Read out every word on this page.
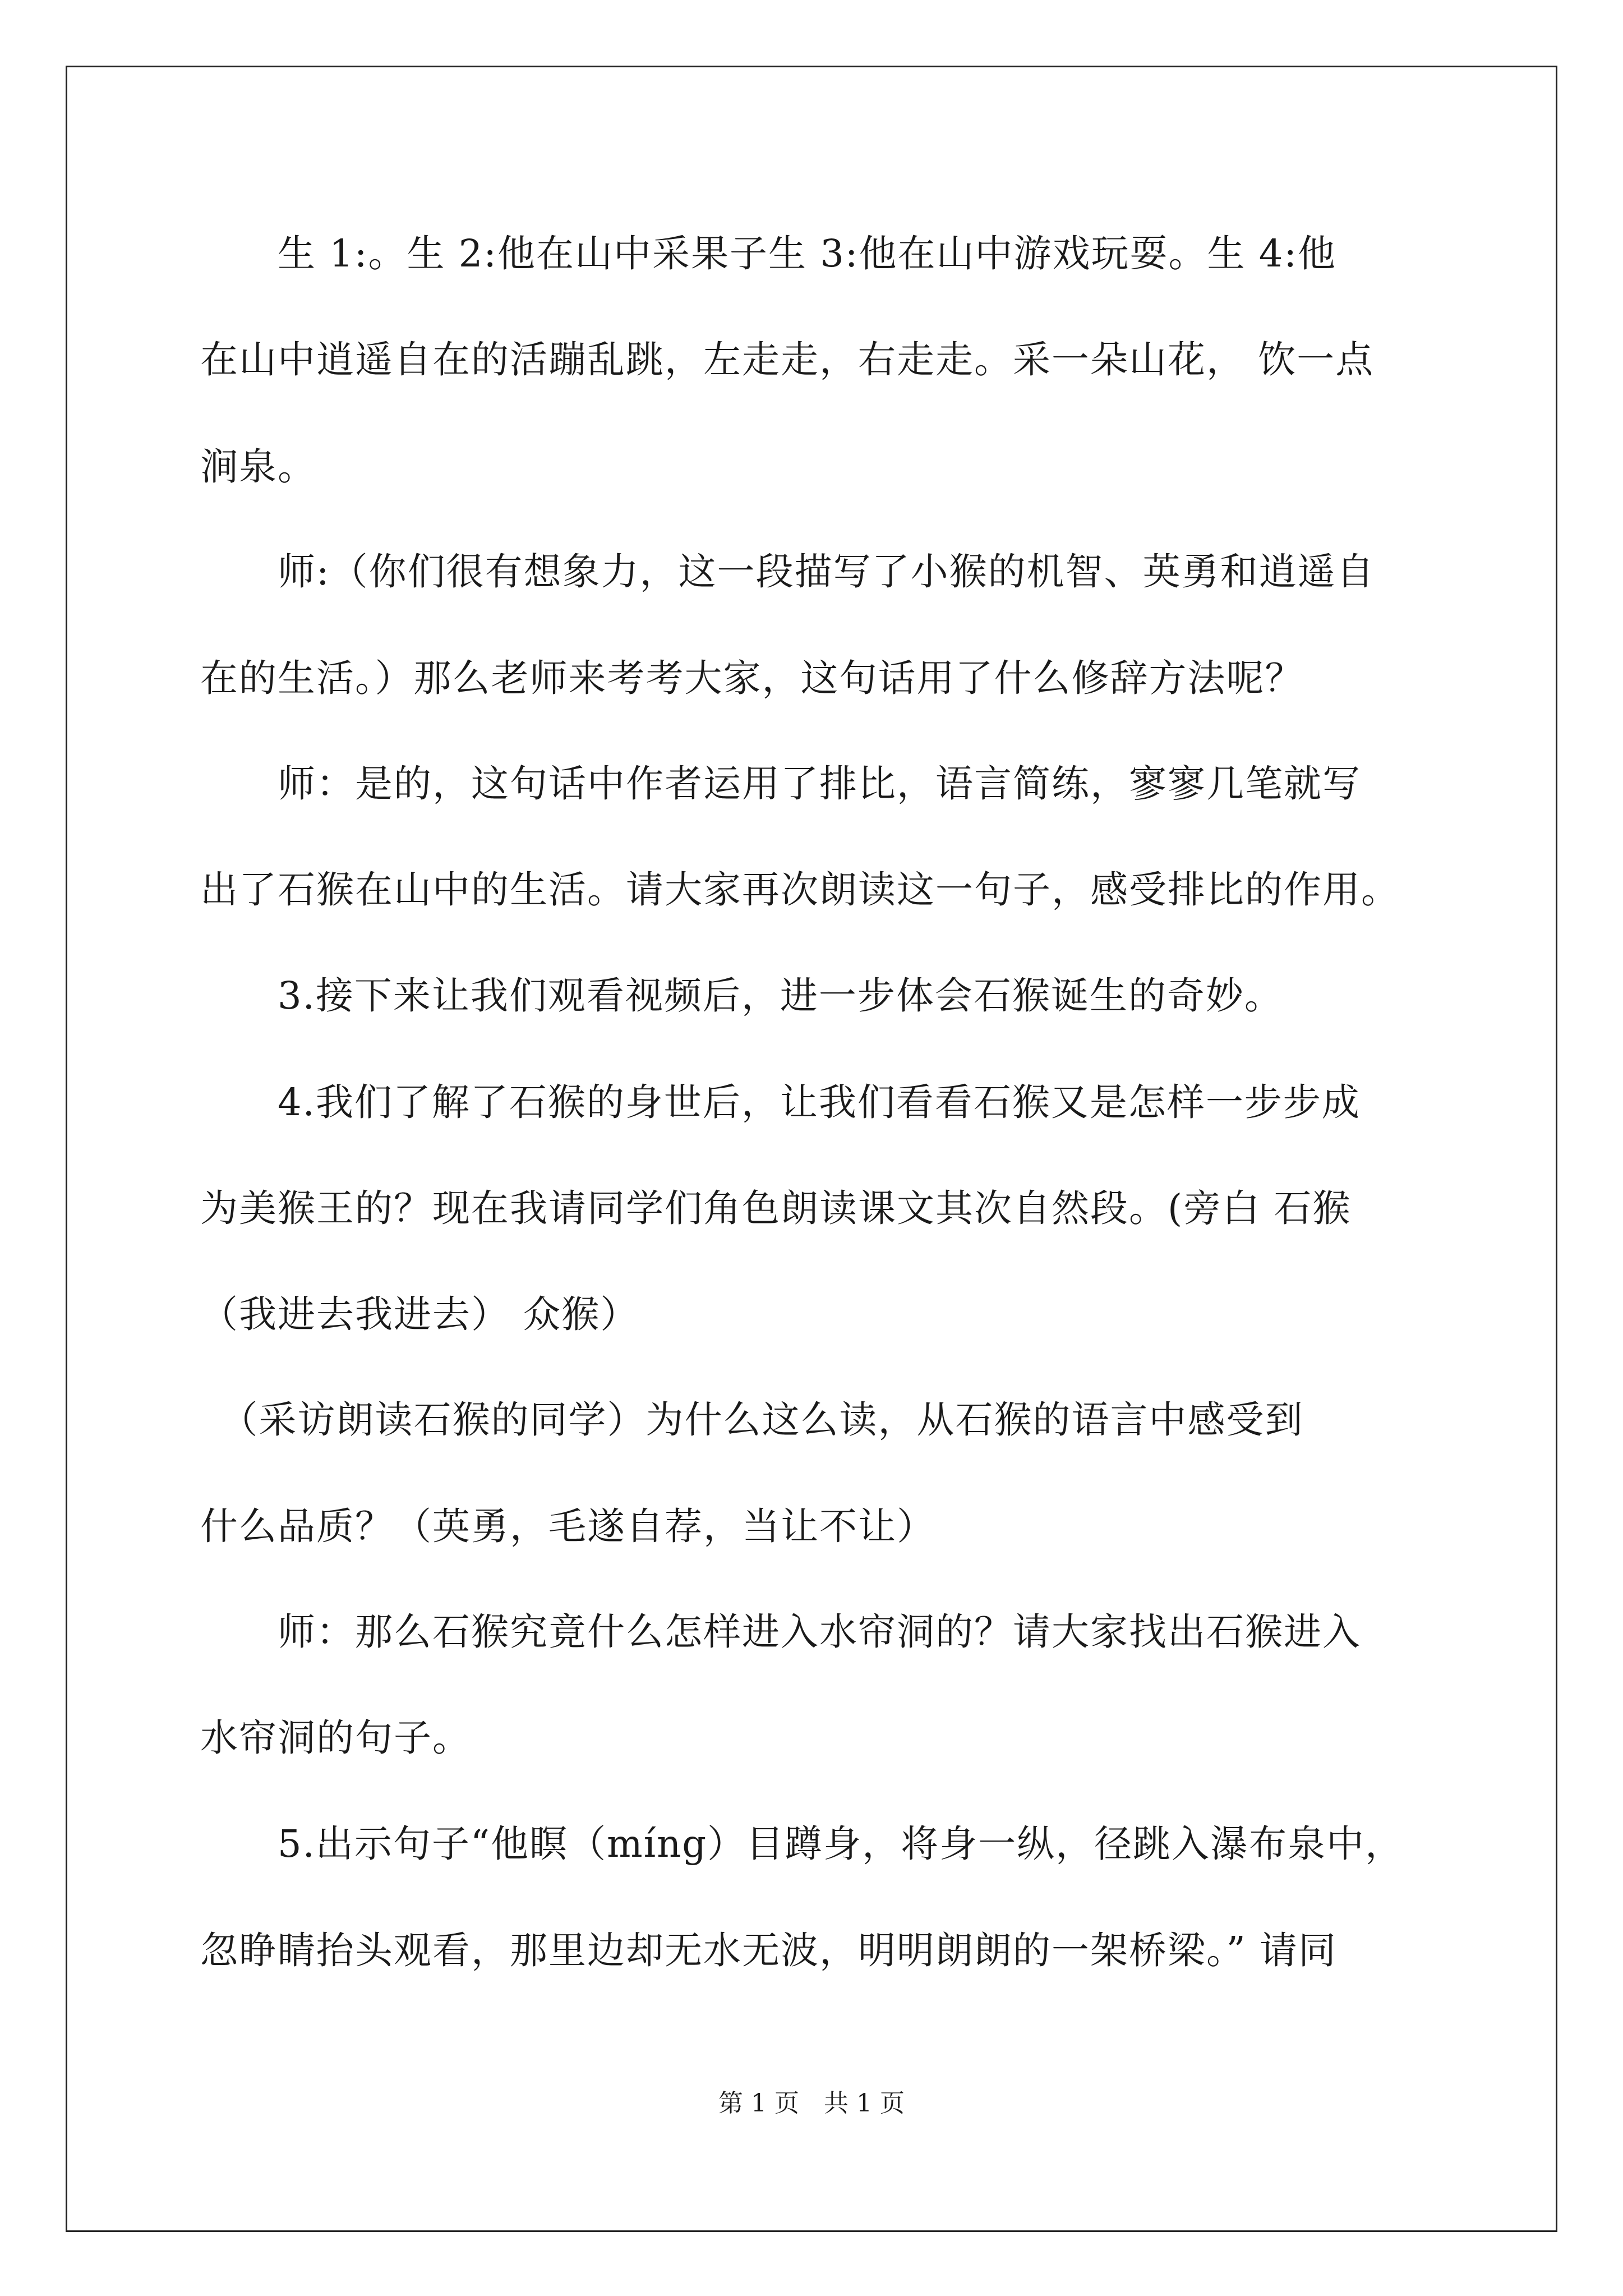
　　生 1:。生 2:他在山中采果子生 3:他在山中游戏玩耍。生 4:他
在山中逍遥自在的活蹦乱跳，左走走，右走走。采一朵山花， 饮一点
涧泉。
　　师:（你们很有想象力，这一段描写了小猴的机智、英勇和逍遥自
在的生活。）那么老师来考考大家，这句话用了什么修辞方法呢？
　　师：是的，这句话中作者运用了排比，语言简练，寥寥几笔就写
出了石猴在山中的生活。请大家再次朗读这一句子，感受排比的作用。
　　3.接下来让我们观看视频后，进一步体会石猴诞生的奇妙。
　　4.我们了解了石猴的身世后，让我们看看石猴又是怎样一步步成
为美猴王的？现在我请同学们角色朗读课文其次自然段。(旁白 石猴
（我进去我进去） 众猴）
　（采访朗读石猴的同学）为什么这么读，从石猴的语言中感受到
什么品质？（英勇，毛遂自荐，当让不让）
　　师：那么石猴究竟什么怎样进入水帘洞的？请大家找出石猴进入
水帘洞的句子。
　　5.出示句子“他瞑（míng）目蹲身，将身一纵，径跳入瀑布泉中，
忽睁睛抬头观看，那里边却无水无波，明明朗朗的一架桥梁。” 请同
第 1 页　共 1 页
